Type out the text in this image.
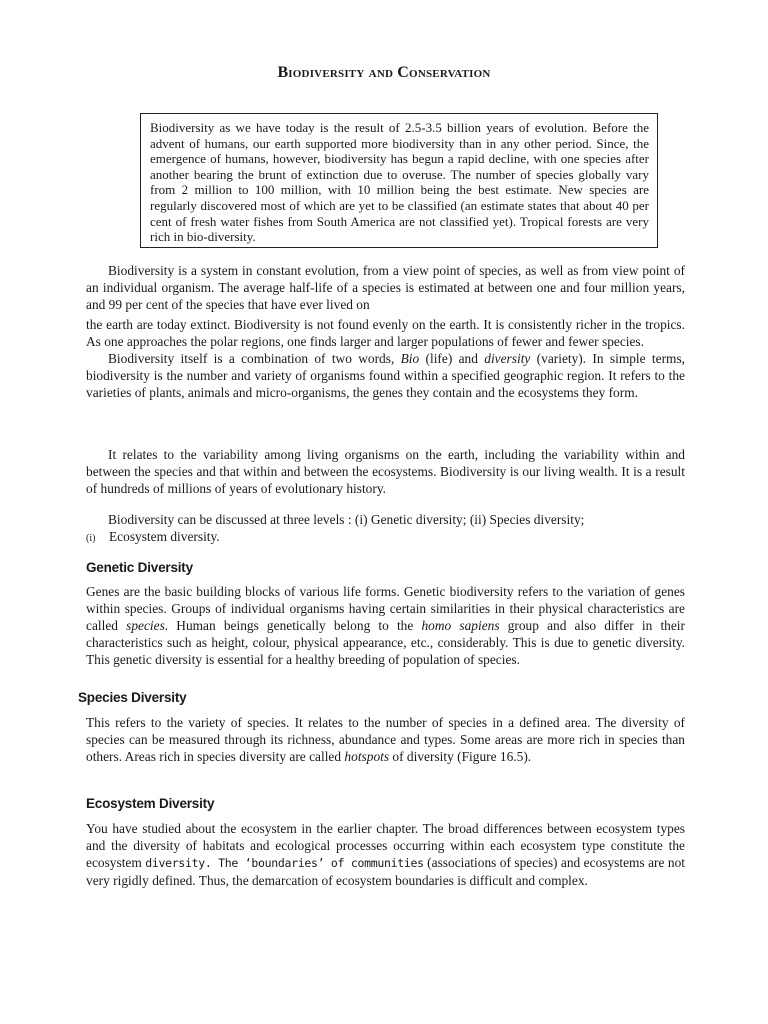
Biodiversity and Conservation
Biodiversity as we have today is the result of 2.5-3.5 billion years of evolution. Before the advent of humans, our earth supported more biodiversity than in any other period. Since, the emergence of humans, however, biodiversity has begun a rapid decline, with one species after another bearing the brunt of extinction due to overuse. The number of species globally vary from 2 million to 100 million, with 10 million being the best estimate. New species are regularly discovered most of which are yet to be classified (an estimate states that about 40 per cent of fresh water fishes from South America are not classified yet). Tropical forests are very rich in bio-diversity.

Biodiversity is a system in constant evolution, from a view point of species, as well as from view point of an individual organism. The average half-life of a species is estimated at between one and four million years, and 99 per cent of the species that have ever lived on

the earth are today extinct. Biodiversity is not found evenly on the earth. It is consistently richer in the tropics. As one approaches the polar regions, one finds larger and larger populations of fewer and fewer species.

Biodiversity itself is a combination of two words, Bio (life) and diversity (variety). In simple terms, biodiversity is the number and variety of organisms found within a specified geographic region. It refers to the varieties of plants, animals and micro-organisms, the genes they contain and the ecosystems they form.

It relates to the variability among living organisms on the earth, including the variability within and between the species and that within and between the ecosystems. Biodiversity is our living wealth. It is a result of hundreds of millions of years of evolutionary history.

Biodiversity can be discussed at three levels : (i) Genetic diversity; (ii) Species diversity;
(i)	Ecosystem diversity.
Genetic Diversity

Genes are the basic building blocks of various life forms. Genetic biodiversity refers to the variation of genes within species. Groups of individual organisms having certain similarities in their physical characteristics are called species. Human beings genetically belong to the homo sapiens group and also differ in their characteristics such as height, colour, physical appearance, etc., considerably. This is due to genetic diversity. This genetic diversity is essential for a healthy breeding of population of species.

Species Diversity

This refers to the variety of species. It relates to the number of species in a defined area. The diversity of species can be measured through its richness, abundance and types. Some areas are more rich in species than others. Areas rich in species diversity are called hotspots of diversity (Figure 16.5).

Ecosystem Diversity

You have studied about the ecosystem in the earlier chapter. The broad differences between ecosystem types and the diversity of habitats and ecological processes occurring within each ecosystem type constitute the ecosystem diversity. The ‘boundaries’ of communities (associations of species) and ecosystems are not very rigidly defined. Thus, the demarcation of ecosystem boundaries is difficult and complex.
